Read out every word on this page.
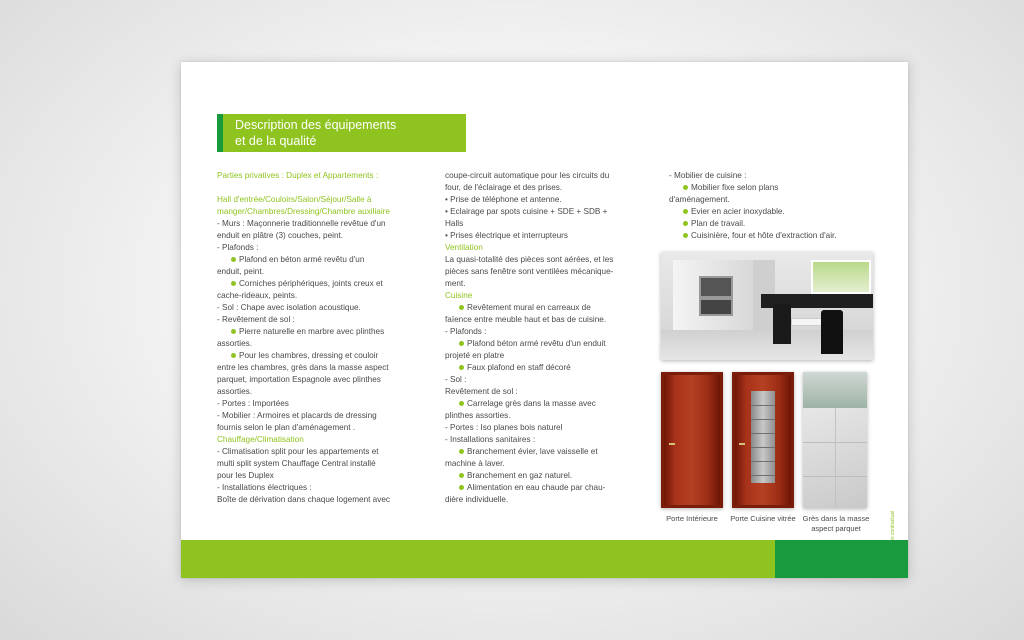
Description des équipements
et de la qualité
Parties privatives : Duplex et Appartements :
Hall d'entrée/Couloirs/Salon/Séjour/Salle à
manger/Chambres/Dressing/Chambre auxiliaire
- Murs : Maçonnerie traditionnelle revêtue d'un
enduit en plâtre (3) couches, peint.
- Plafonds :
Plafond en béton armé revêtu d'un
enduit, peint.
Corniches périphériques, joints creux et
cache-rideaux, peints.
- Sol : Chape avec isolation acoustique.
- Revêtement de sol :
Pierre naturelle en marbre avec plinthes
assorties.
Pour les chambres, dressing et couloir
entre les chambres, grès dans la masse aspect
parquet, importation Espagnole avec plinthes
assorties.
- Portes : Importées
- Mobilier : Armoires et placards de dressing
fournis selon le plan d'aménagement .
Chauffage/Climatisation
- Climatisation split pour les appartements et
multi split system Chauffage Central installé
pour les Duplex
- Installations électriques :
Boîte de dérivation dans chaque logement avec
coupe-circuit automatique pour les circuits du
four, de l'éclairage et des prises.
• Prise de téléphone et antenne.
• Eclairage par spots cuisine + SDE + SDB +
Halls
• Prises électrique et interrupteurs
Ventilation
La quasi-totalité des pièces sont aérées, et les
pièces sans fenêtre sont ventilées mécanique-
ment.
Cuisine
Revêtement mural en carreaux de
faïence entre meuble haut et bas de cuisine.
- Plafonds :
Plafond béton armé revêtu d'un enduit
projeté en platre
Faux plafond en staff décoré
- Sol :
Revêtement de sol :
Carrelage grès dans la masse avec
plinthes assorties.
- Portes : Iso planes bois naturel
- Installations sanitaires :
Branchement évier, lave vaisselle et
machine à laver.
Branchement en gaz naturel.
Alimentation en eau chaude par chau-
dière individuelle.
- Mobilier de cuisine :
Mobilier fixe selon plans
d'aménagement.
Evier en acier inoxydable.
Plan de travail.
Cuisinière, four et hôte d'extraction d'air.
Porte Intérieure	Porte Cuisine vitrée Grès dans la masse
aspect parquet
